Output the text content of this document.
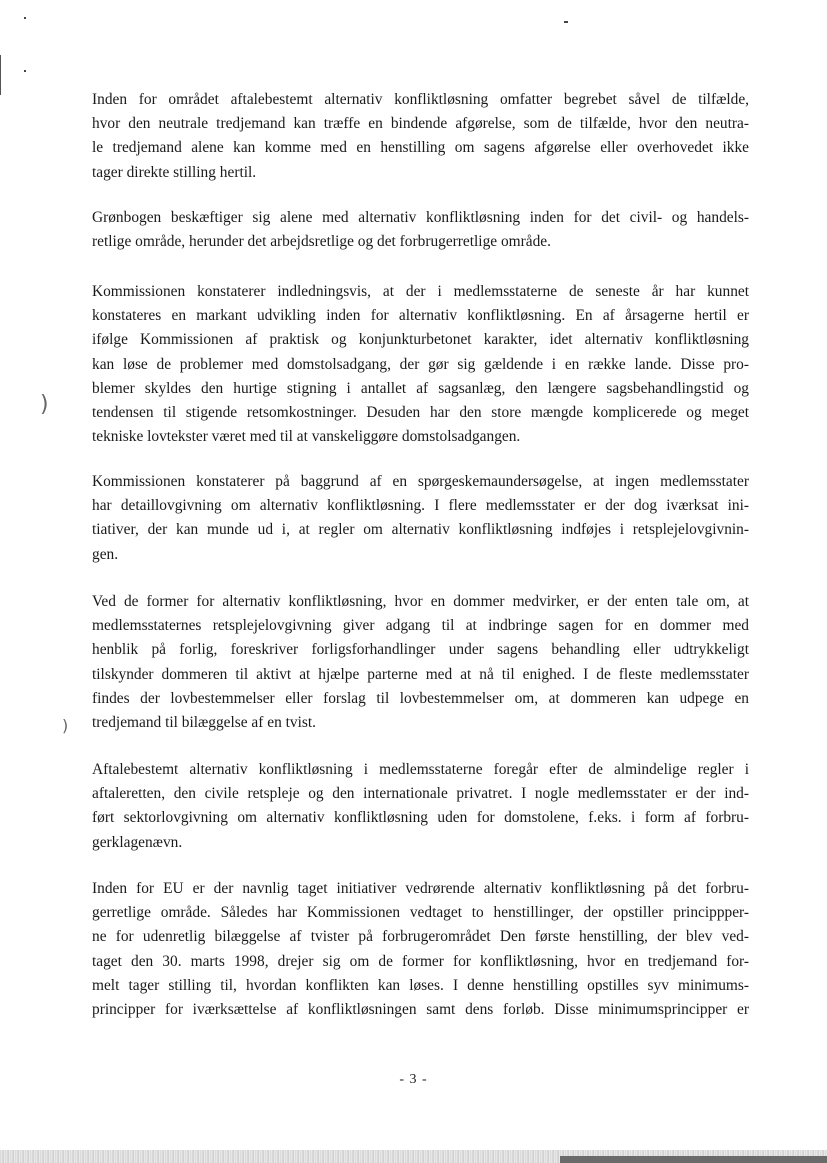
)
)

Inden for området aftalebestemt alternativ konfliktløsning omfatter begrebet såvel de tilfælde,
hvor den neutrale tredjemand kan træffe en bindende afgørelse, som de tilfælde, hvor den neutra-
le tredjemand alene kan komme med en henstilling om sagens afgørelse eller overhovedet ikke
tager direkte stilling hertil.

Grønbogen beskæftiger sig alene med alternativ konfliktløsning inden for det civil- og handels-
retlige område, herunder det arbejdsretlige og det forbrugerretlige område.

Kommissionen konstaterer indledningsvis, at der i medlemsstaterne de seneste år har kunnet
konstateres en markant udvikling inden for alternativ konfliktløsning. En af årsagerne hertil er
ifølge Kommissionen af praktisk og konjunkturbetonet karakter, idet alternativ konfliktløsning
kan løse de problemer med domstolsadgang, der gør sig gældende i en række lande. Disse pro-
blemer skyldes den hurtige stigning i antallet af sagsanlæg, den længere sagsbehandlingstid og
tendensen til stigende retsomkostninger. Desuden har den store mængde komplicerede og meget
tekniske lovtekster været med til at vanskeliggøre domstolsadgangen.

Kommissionen konstaterer på baggrund af en spørgeskemaundersøgelse, at ingen medlemsstater
har detaillovgivning om alternativ konfliktløsning. I flere medlemsstater er der dog iværksat ini-
tiativer, der kan munde ud i, at regler om alternativ konfliktløsning indføjes i retsplejelovgivnin-
gen.

Ved de former for alternativ konfliktløsning, hvor en dommer medvirker, er der enten tale om, at
medlemsstaternes retsplejelovgivning giver adgang til at indbringe sagen for en dommer med
henblik på forlig, foreskriver forligsforhandlinger under sagens behandling eller udtrykkeligt
tilskynder dommeren til aktivt at hjælpe parterne med at nå til enighed. I de fleste medlemsstater
findes der lovbestemmelser eller forslag til lovbestemmelser om, at dommeren kan udpege en
tredjemand til bilæggelse af en tvist.

Aftalebestemt alternativ konfliktløsning i medlemsstaterne foregår efter de almindelige regler i
aftaleretten, den civile retspleje og den internationale privatret. I nogle medlemsstater er der ind-
ført sektorlovgivning om alternativ konfliktløsning uden for domstolene, f.eks. i form af forbru-
gerklagenævn.

Inden for EU er der navnlig taget initiativer vedrørende alternativ konfliktløsning på det forbru-
gerretlige område. Således har Kommissionen vedtaget to henstillinger, der opstiller princippper-
ne for udenretlig bilæggelse af tvister på forbrugerområdet Den første henstilling, der blev ved-
taget den 30. marts 1998, drejer sig om de former for konfliktløsning, hvor en tredjemand for-
melt tager stilling til, hvordan konflikten kan løses. I denne henstilling opstilles syv minimums-
principper for iværksættelse af konfliktløsningen samt dens forløb. Disse minimumsprincipper er

- 3 -
